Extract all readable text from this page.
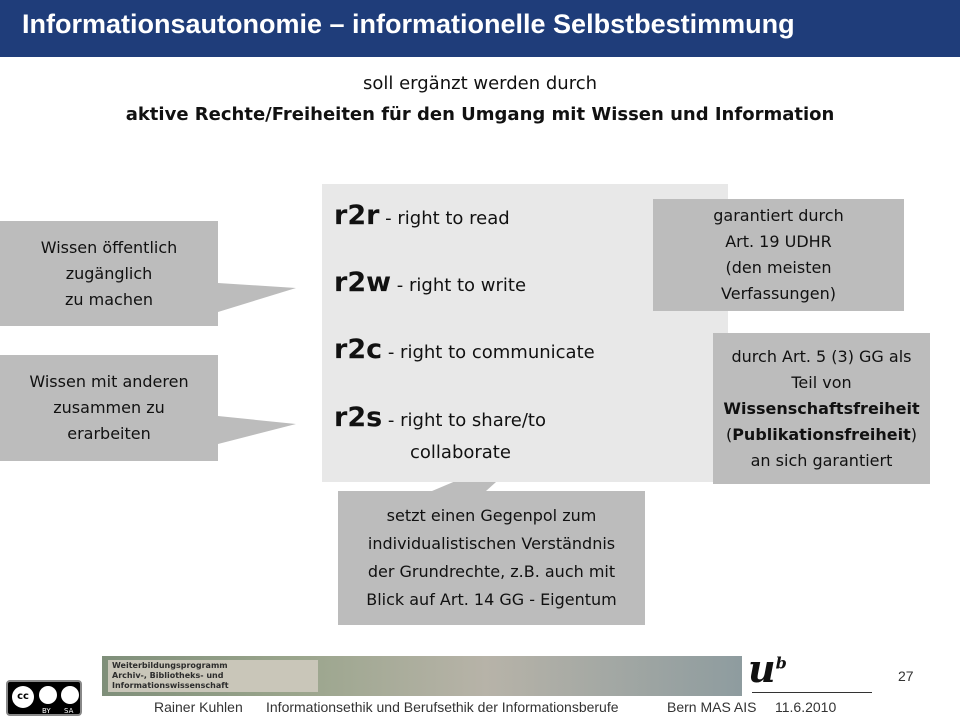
Informationsautonomie – informationelle Selbstbestimmung
soll ergänzt werden durch
aktive Rechte/Freiheiten für den Umgang mit Wissen und Information
r2r - right to read
r2w - right to write
r2c - right to communicate
r2s - right to share/to
collaborate
Wissen öffentlich
zugänglich
zu machen
Wissen mit anderen
zusammen zu
erarbeiten
garantiert durch
Art. 19 UDHR
(den meisten
Verfassungen)
durch Art. 5 (3) GG als
Teil von
Wissenschaftsfreiheit
(Publikationsfreiheit)
an sich garantiert
setzt einen Gegenpol zum
individualistischen Verständnis
der Grundrechte, z.B. auch mit
Blick auf Art. 14 GG - Eigentum
cc
BY SA
Weiterbildungsprogramm
Archiv-, Bibliotheks- und
Informationswissenschaft	$u^b$
27
Rainer Kuhlen Informationsethik und Berufsethik der Informationsberufe	Bern MAS AIS 11.6.2010
